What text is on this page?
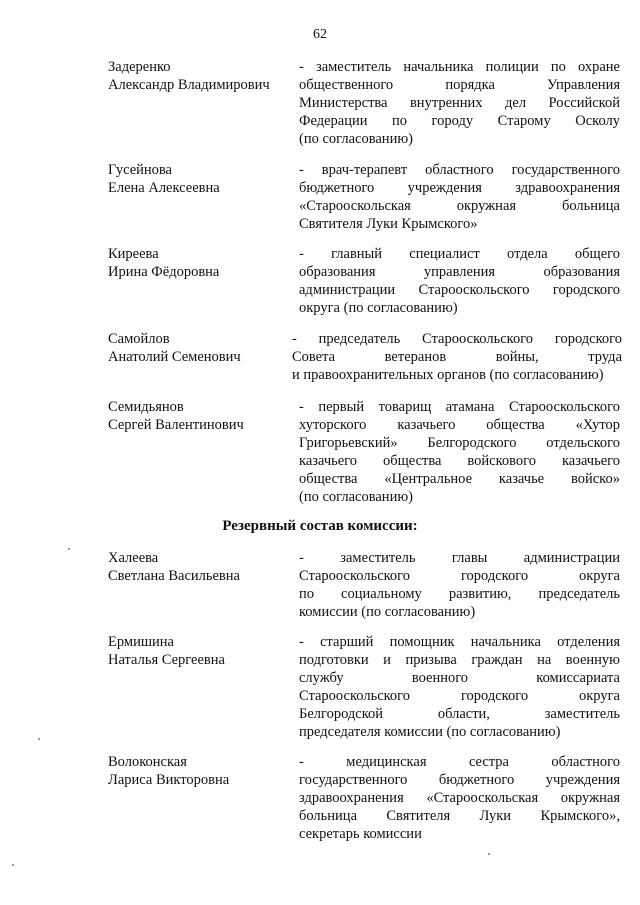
62
Задеренко
Александр Владимирович
- заместитель начальника полиции по охране
общественного порядка Управления
Министерства внутренних дел Российской
Федерации по городу Старому Осколу
(по согласованию)
Гусейнова
Елена Алексеевна
- врач-терапевт областного государственного
бюджетного учреждения здравоохранения
«Старооскольская окружная больница
Святителя Луки Крымского»
Киреева
Ирина Фёдоровна
- главный специалист отдела общего
образования управления образования
администрации Старооскольского городского
округа (по согласованию)
Самойлов
Анатолий Семенович
- председатель Старооскольского городского
Совета ветеранов войны, труда
и правоохранительных органов (по согласованию)
Семидьянов
Сергей Валентинович
- первый товарищ атамана Старооскольского
хуторского казачьего общества «Хутор
Григорьевский» Белгородского отдельского
казачьего общества войскового казачьего
общества «Центральное казачье войско»
(по согласованию)
Резервный состав комиссии:
Халеева
Светлана Васильевна
- заместитель главы администрации
Старооскольского городского округа
по социальному развитию, председатель
комиссии (по согласованию)
Ермишина
Наталья Сергеевна
- старший помощник начальника отделения
подготовки и призыва граждан на военную
службу военного комиссариата
Старооскольского городского округа
Белгородской области, заместитель
председателя комиссии (по согласованию)
Волоконская
Лариса Викторовна
- медицинская сестра областного
государственного бюджетного учреждения
здравоохранения «Старооскольская окружная
больница Святителя Луки Крымского»,
секретарь комиссии
